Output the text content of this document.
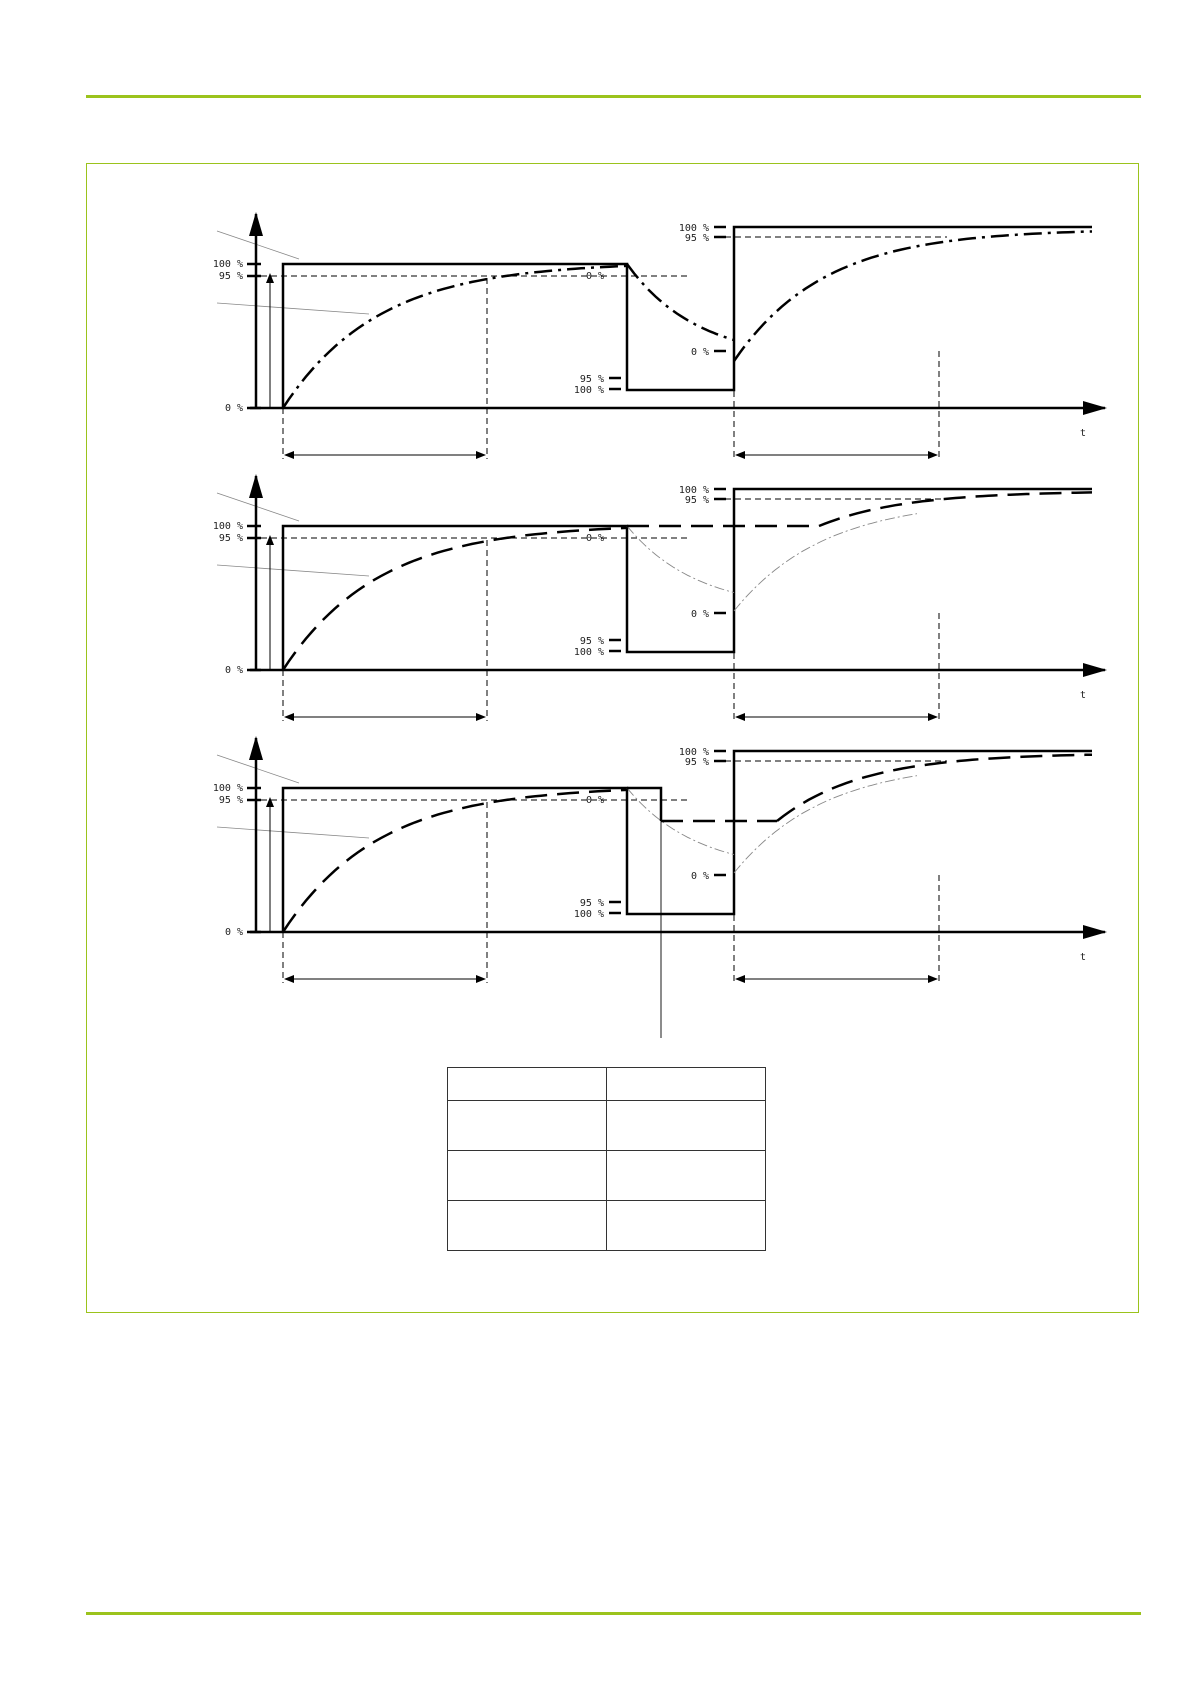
t
100 %
95 %
0 %
0 %
95 %
100 %
100 %
95 %
0 %
t
100 %
95 %
0 %
0 %
95 %
100 %
100 %
95 %
0 %
t
100 %
95 %
0 %
0 %
95 %
100 %
100 %
95 %
0 %
